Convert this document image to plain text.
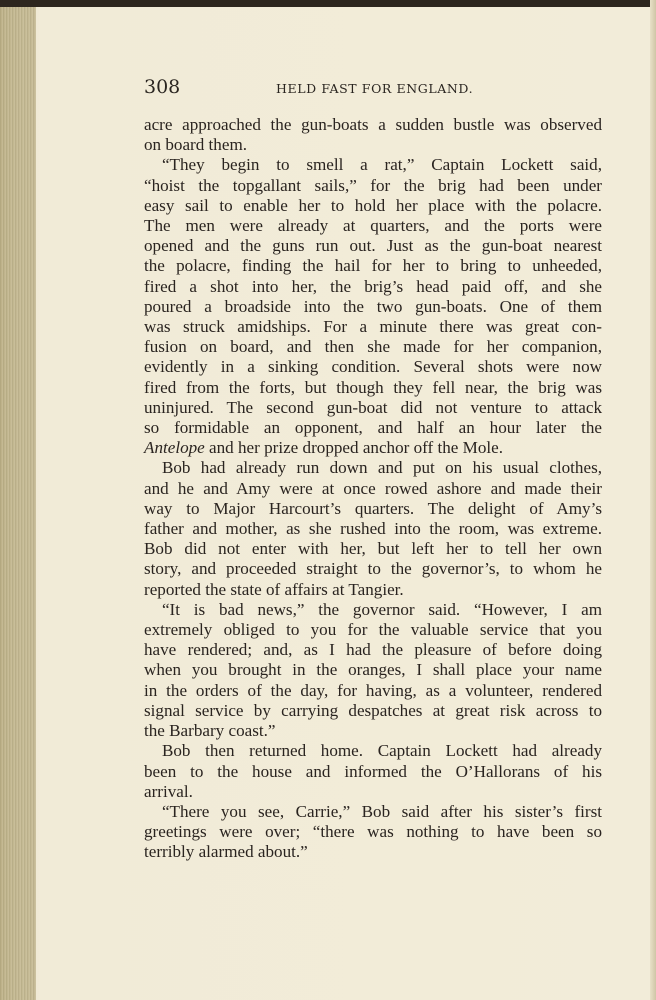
308	HELD FAST FOR ENGLAND.

acre approached the gun-boats a sudden bustle was observed
on board them.

“They begin to smell a rat,” Captain Lockett said,
“hoist the topgallant sails,” for the brig had been under
easy sail to enable her to hold her place with the polacre.
The men were already at quarters, and the ports were
opened and the guns run out. Just as the gun-boat nearest
the polacre, finding the hail for her to bring to unheeded,
fired a shot into her, the brig’s head paid off, and she
poured a broadside into the two gun-boats. One of them
was struck amidships. For a minute there was great con-
fusion on board, and then she made for her companion,
evidently in a sinking condition. Several shots were now
fired from the forts, but though they fell near, the brig was
uninjured. The second gun-boat did not venture to attack
so formidable an opponent, and half an hour later the
Antelope and her prize dropped anchor off the Mole.

Bob had already run down and put on his usual clothes,
and he and Amy were at once rowed ashore and made their
way to Major Harcourt’s quarters. The delight of Amy’s
father and mother, as she rushed into the room, was extreme.
Bob did not enter with her, but left her to tell her own
story, and proceeded straight to the governor’s, to whom he
reported the state of affairs at Tangier.

“It is bad news,” the governor said. “However, I am
extremely obliged to you for the valuable service that you
have rendered; and, as I had the pleasure of before doing
when you brought in the oranges, I shall place your name
in the orders of the day, for having, as a volunteer, rendered
signal service by carrying despatches at great risk across to
the Barbary coast.”

Bob then returned home. Captain Lockett had already
been to the house and informed the O’Hallorans of his
arrival.

“There you see, Carrie,” Bob said after his sister’s first
greetings were over; “there was nothing to have been so
terribly alarmed about.”
